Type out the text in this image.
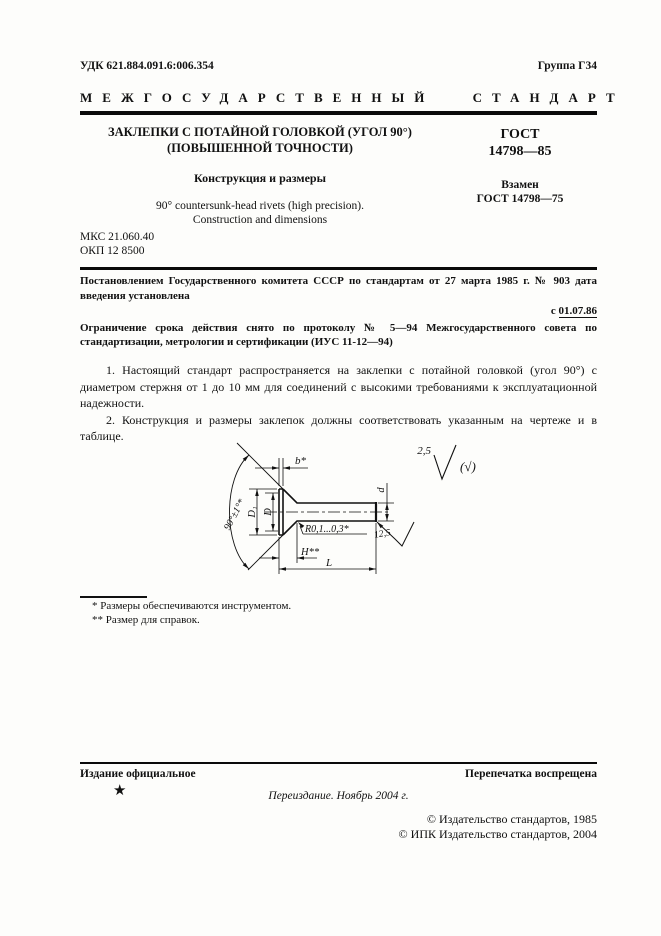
УДК 621.884.091.6:006.354	Группа Г34
МЕЖГОСУДАРСТВЕННЫЙ СТАНДАРТ
ЗАКЛЕПКИ С ПОТАЙНОЙ ГОЛОВКОЙ (УГОЛ 90°)
(ПОВЫШЕННОЙ ТОЧНОСТИ)
Конструкция и размеры
90° countersunk-head rivets (high precision).
Construction and dimensions
ГОСТ
14798—85
Взамен
ГОСТ 14798—75
МКС 21.060.40
ОКП 12 8500

Постановлением Государственного комитета СССР по стандартам от 27 марта 1985 г. № 903 дата введения установлена

с 01.07.86

Ограничение срока действия снято по протоколу № 5—94 Межгосударственного совета по стандартизации, метрологии и сертификации (ИУС 11-12—94)

1. Настоящий стандарт распространяется на заклепки с потайной головкой (угол 90°) с диаметром стержня от 1 до 10 мм для соединений с высокими требованиями к эксплуатационной надежности.

2. Конструкция и размеры заклепок должны соответствовать указанным на чертеже и в таблице.

b*
90°±1°* D₁ D
d
R0,1...0,3*
H**
L
2,5
(√)
12,5
* Размеры обеспечиваются инструментом.
** Размер для справок.
Издание официальное	Перепечатка воспрещена
★	Переиздание. Ноябрь 2004 г.
© Издательство стандартов, 1985
© ИПК Издательство стандартов, 2004
